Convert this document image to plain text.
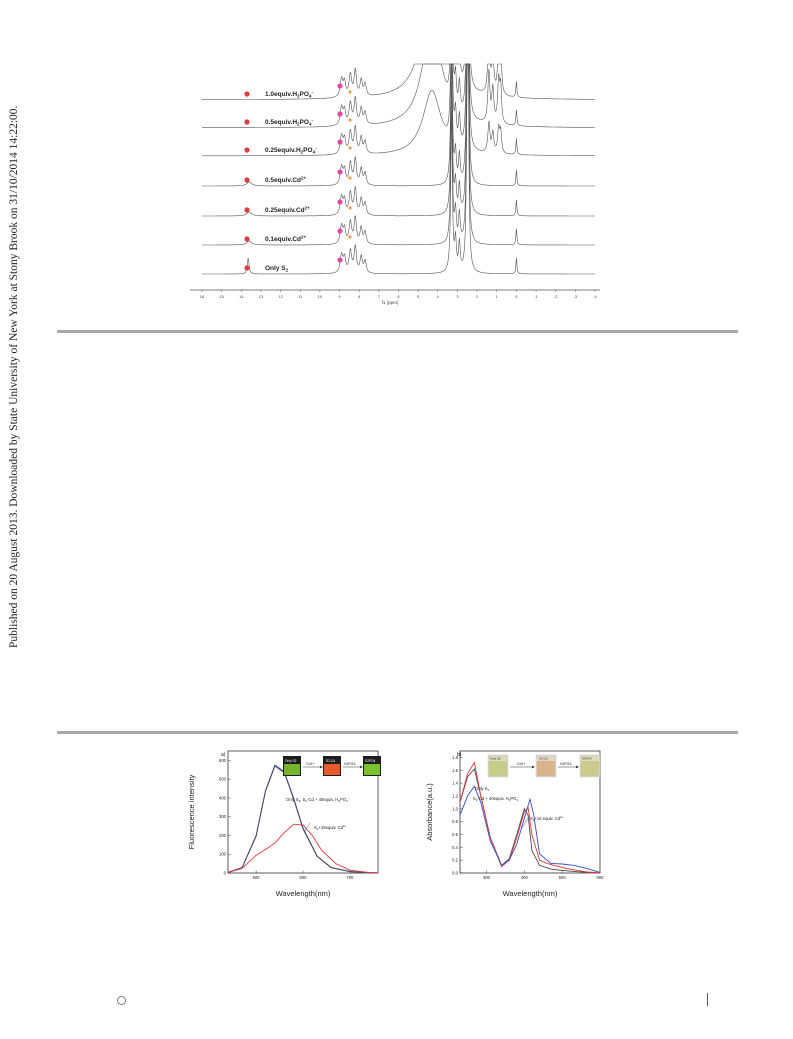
Published on 20 August 2013. Downloaded by State University of New York at Stony Brook on 31/10/2014 14:22:00.
$1.0equiv.H_2PO_4^-$
$0.5equiv.H_2PO_4^-$
$0.25equiv.H_2PO_4^-$
$0.5equiv.Cd^{2+}$
$0.25equiv.Cd^{2+}$
$0.1equiv.Cd^{2+}$
Only $S_2$
16	15	14	13	12	11	10	9	8	7	6	5	4	3	2	1	0	-1	-2	-3	-4
f1 (ppm)
a)
0
100
200
300
400
500
600
500	600	700
Fluorescence intensity
Wavelength(nm)
Only S2	S2-Cd	S2PO4
Cd2+	H2PO4-
Only $S_2$, $S_2-Cd$ + 40equiv. $H_2PO_4^-$
$S_2+15equiv$. $Cd^{2+}$
b)
0.0
0.2
0.4
0.6
0.8
1.0
1.2
1.4
1.6
1.8
300	400	500	600
Absorbance(a.u.)
Wavelength(nm)
Only S2	S2-Cd	S2PO4
Cd2+	H2PO4-
Only $S_2$
$S_2-Cd$ + 40equiv. $H_2PO_4^-$
$S_2+15$ equiv. $Cd^{2+}$
